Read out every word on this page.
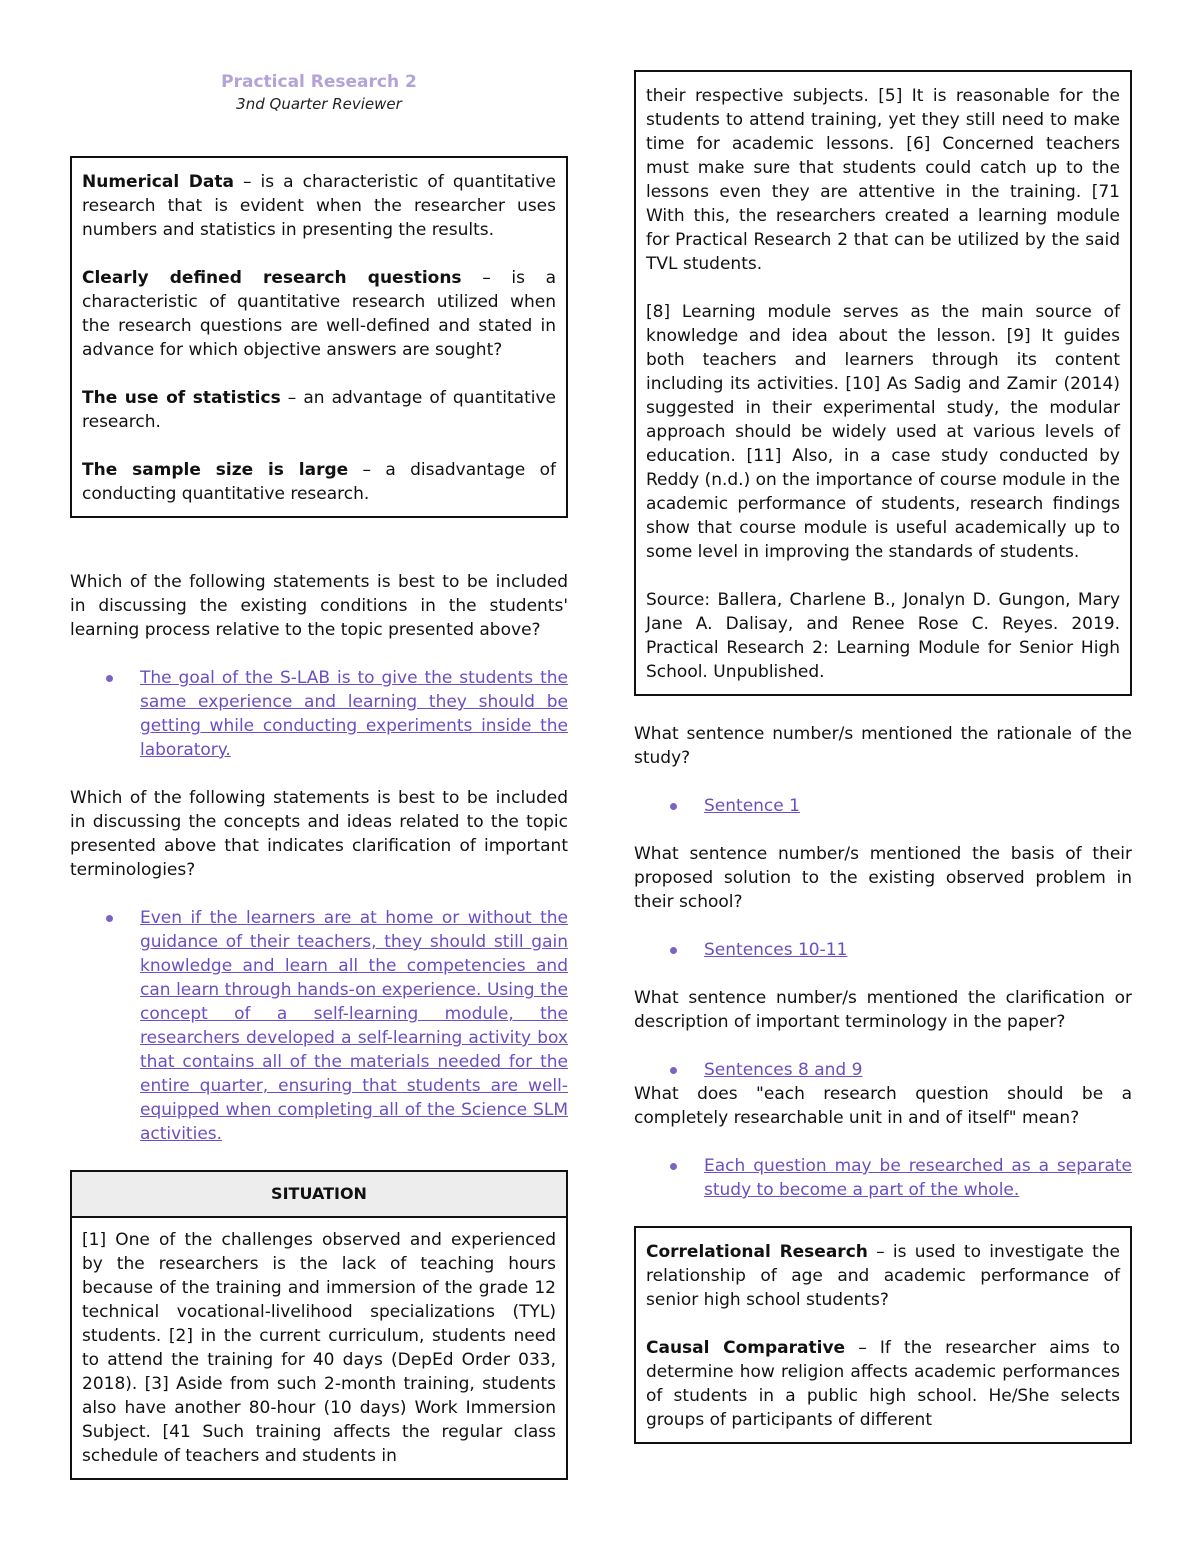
Practical Research 2
3nd Quarter Reviewer

Numerical Data – is a characteristic of quantitative research that is evident when the researcher uses numbers and statistics in presenting the results.

Clearly defined research questions – is a characteristic of quantitative research utilized when the research questions are well-defined and stated in advance for which objective answers are sought?

The use of statistics – an advantage of quantitative research.

The sample size is large – a disadvantage of conducting quantitative research.

Which of the following statements is best to be included in discussing the existing conditions in the students' learning process relative to the topic presented above?

The goal of the S-LAB is to give the students the same experience and learning they should be getting while conducting experiments inside the laboratory.

Which of the following statements is best to be included in discussing the concepts and ideas related to the topic presented above that indicates clarification of important terminologies?

Even if the learners are at home or without the guidance of their teachers, they should still gain knowledge and learn all the competencies and can learn through hands-on experience. Using the concept of a self-learning module, the researchers developed a self-learning activity box that contains all of the materials needed for the entire quarter, ensuring that students are well-equipped when completing all of the Science SLM activities.
SITUATION
[1] One of the challenges observed and experienced by the researchers is the lack of teaching hours because of the training and immersion of the grade 12 technical vocational-livelihood specializations (TYL) students. [2] in the current curriculum, students need to attend the training for 40 days (DepEd Order 033, 2018). [3] Aside from such 2-month training, students also have another 80-hour (10 days) Work Immersion Subject. [41 Such training affects the regular class schedule of teachers and students in

their respective subjects. [5] It is reasonable for the students to attend training, yet they still need to make time for academic lessons. [6] Concerned teachers must make sure that students could catch up to the lessons even they are attentive in the training. [71 With this, the researchers created a learning module for Practical Research 2 that can be utilized by the said TVL students.

[8] Learning module serves as the main source of knowledge and idea about the lesson. [9] It guides both teachers and learners through its content including its activities. [10] As Sadig and Zamir (2014) suggested in their experimental study, the modular approach should be widely used at various levels of education. [11] Also, in a case study conducted by Reddy (n.d.) on the importance of course module in the academic performance of students, research findings show that course module is useful academically up to some level in improving the standards of students.

Source: Ballera, Charlene B., Jonalyn D. Gungon, Mary Jane A. Dalisay, and Renee Rose C. Reyes. 2019. Practical Research 2: Learning Module for Senior High School. Unpublished.

What sentence number/s mentioned the rationale of the study?

Sentence 1

What sentence number/s mentioned the basis of their proposed solution to the existing observed problem in their school?

Sentences 10-11

What sentence number/s mentioned the clarification or description of important terminology in the paper?

Sentences 8 and 9

What does "each research question should be a completely researchable unit in and of itself" mean?

Each question may be researched as a separate study to become a part of the whole.

Correlational Research – is used to investigate the relationship of age and academic performance of senior high school students?

Causal Comparative – If the researcher aims to determine how religion affects academic performances of students in a public high school. He/She selects groups of participants of different
